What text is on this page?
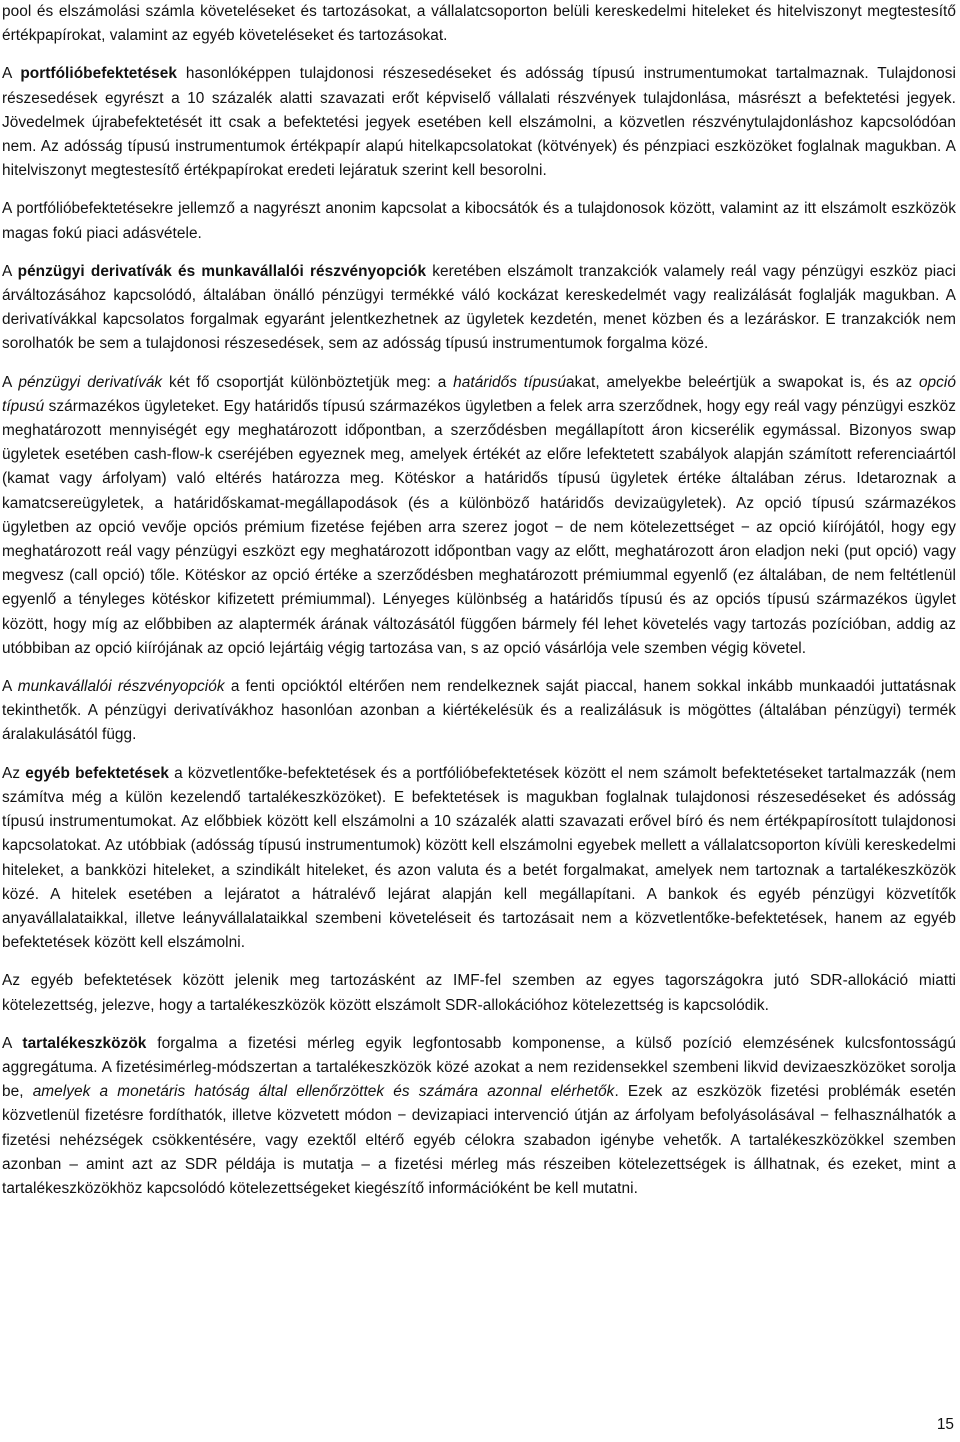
pool és elszámolási számla követeléseket és tartozásokat, a vállalatcsoporton belüli kereskedelmi hiteleket és hitelviszonyt megtestesítő értékpapírokat, valamint az egyéb követeléseket és tartozásokat.

A portfólióbefektetések hasonlóképpen tulajdonosi részesedéseket és adósság típusú instrumentumokat tartalmaznak. Tulajdonosi részesedések egyrészt a 10 százalék alatti szavazati erőt képviselő vállalati részvények tulajdonlása, másrészt a befektetési jegyek. Jövedelmek újrabefektetését itt csak a befektetési jegyek esetében kell elszámolni, a közvetlen részvénytulajdonláshoz kapcsolódóan nem. Az adósság típusú instrumentumok értékpapír alapú hitelkapcsolatokat (kötvények) és pénzpiaci eszközöket foglalnak magukban. A hitelviszonyt megtestesítő értékpapírokat eredeti lejáratuk szerint kell besorolni.

A portfólióbefektetésekre jellemző a nagyrészt anonim kapcsolat a kibocsátók és a tulajdonosok között, valamint az itt elszámolt eszközök magas fokú piaci adásvétele.

A pénzügyi derivatívák és munkavállalói részvényopciók keretében elszámolt tranzakciók valamely reál vagy pénzügyi eszköz piaci árváltozásához kapcsolódó, általában önálló pénzügyi termékké váló kockázat kereskedelmét vagy realizálását foglalják magukban. A derivatívákkal kapcsolatos forgalmak egyaránt jelentkezhetnek az ügyletek kezdetén, menet közben és a lezáráskor. E tranzakciók nem sorolhatók be sem a tulajdonosi részesedések, sem az adósság típusú instrumentumok forgalma közé.

A pénzügyi derivatívák két fő csoportját különböztetjük meg: a határidős típusúakat, amelyekbe beleértjük a swapokat is, és az opció típusú származékos ügyleteket. Egy határidős típusú származékos ügyletben a felek arra szerződnek, hogy egy reál vagy pénzügyi eszköz meghatározott mennyiségét egy meghatározott időpontban, a szerződésben megállapított áron kicserélik egymással. Bizonyos swap ügyletek esetében cash-flow-k cseréjében egyeznek meg, amelyek értékét az előre lefektetett szabályok alapján számított referenciaártól (kamat vagy árfolyam) való eltérés határozza meg. Kötéskor a határidős típusú ügyletek értéke általában zérus. Idetaroznak a kamatcsereügyletek, a határidőskamat-megállapodások (és a különböző határidős devizaügyletek). Az opció típusú származékos ügyletben az opció vevője opciós prémium fizetése fejében arra szerez jogot − de nem kötelezettséget − az opció kiírójától, hogy egy meghatározott reál vagy pénzügyi eszközt egy meghatározott időpontban vagy az előtt, meghatározott áron eladjon neki (put opció) vagy megvesz (call opció) tőle. Kötéskor az opció értéke a szerződésben meghatározott prémiummal egyenlő (ez általában, de nem feltétlenül egyenlő a tényleges kötéskor kifizetett prémiummal). Lényeges különbség a határidős típusú és az opciós típusú származékos ügylet között, hogy míg az előbbiben az alaptermék árának változásától függően bármely fél lehet követelés vagy tartozás pozícióban, addig az utóbbiban az opció kiírójának az opció lejártáig végig tartozása van, s az opció vásárlója vele szemben végig követel.

A munkavállalói részvényopciók a fenti opcióktól eltérően nem rendelkeznek saját piaccal, hanem sokkal inkább munkaadói juttatásnak tekinthetők. A pénzügyi derivatívákhoz hasonlóan azonban a kiértékelésük és a realizálásuk is mögöttes (általában pénzügyi) termék áralakulásától függ.

Az egyéb befektetések a közvetlentőke-befektetések és a portfólióbefektetések között el nem számolt befektetéseket tartalmazzák (nem számítva még a külön kezelendő tartalékeszközöket). E befektetések is magukban foglalnak tulajdonosi részesedéseket és adósság típusú instrumentumokat. Az előbbiek között kell elszámolni a 10 százalék alatti szavazati erővel bíró és nem értékpapírosított tulajdonosi kapcsolatokat. Az utóbbiak (adósság típusú instrumentumok) között kell elszámolni egyebek mellett a vállalatcsoporton kívüli kereskedelmi hiteleket, a bankközi hiteleket, a szindikált hiteleket, és azon valuta és a betét forgalmakat, amelyek nem tartoznak a tartalékeszközök közé. A hitelek esetében a lejáratot a hátralévő lejárat alapján kell megállapítani. A bankok és egyéb pénzügyi közvetítők anyavállalataikkal, illetve leányvállalataikkal szembeni követeléseit és tartozásait nem a közvetlentőke-befektetések, hanem az egyéb befektetések között kell elszámolni.

Az egyéb befektetések között jelenik meg tartozásként az IMF-fel szemben az egyes tagországokra jutó SDR-allokáció miatti kötelezettség, jelezve, hogy a tartalékeszközök között elszámolt SDR-allokációhoz kötelezettség is kapcsolódik.

A tartalékeszközök forgalma a fizetési mérleg egyik legfontosabb komponense, a külső pozíció elemzésének kulcsfontosságú aggregátuma. A fizetésimérleg-módszertan a tartalékeszközök közé azokat a nem rezidensekkel szembeni likvid devizaeszközöket sorolja be, amelyek a monetáris hatóság által ellenőrzöttek és számára azonnal elérhetők. Ezek az eszközök fizetési problémák esetén közvetlenül fizetésre fordíthatók, illetve közvetett módon − devizapiaci intervenció útján az árfolyam befolyásolásával − felhasználhatók a fizetési nehézségek csökkentésére, vagy ezektől eltérő egyéb célokra szabadon igénybe vehetők. A tartalékeszközökkel szemben azonban – amint azt az SDR példája is mutatja – a fizetési mérleg más részeiben kötelezettségek is állhatnak, és ezeket, mint a tartalékeszközökhöz kapcsolódó kötelezettségeket kiegészítő információként be kell mutatni.

15
